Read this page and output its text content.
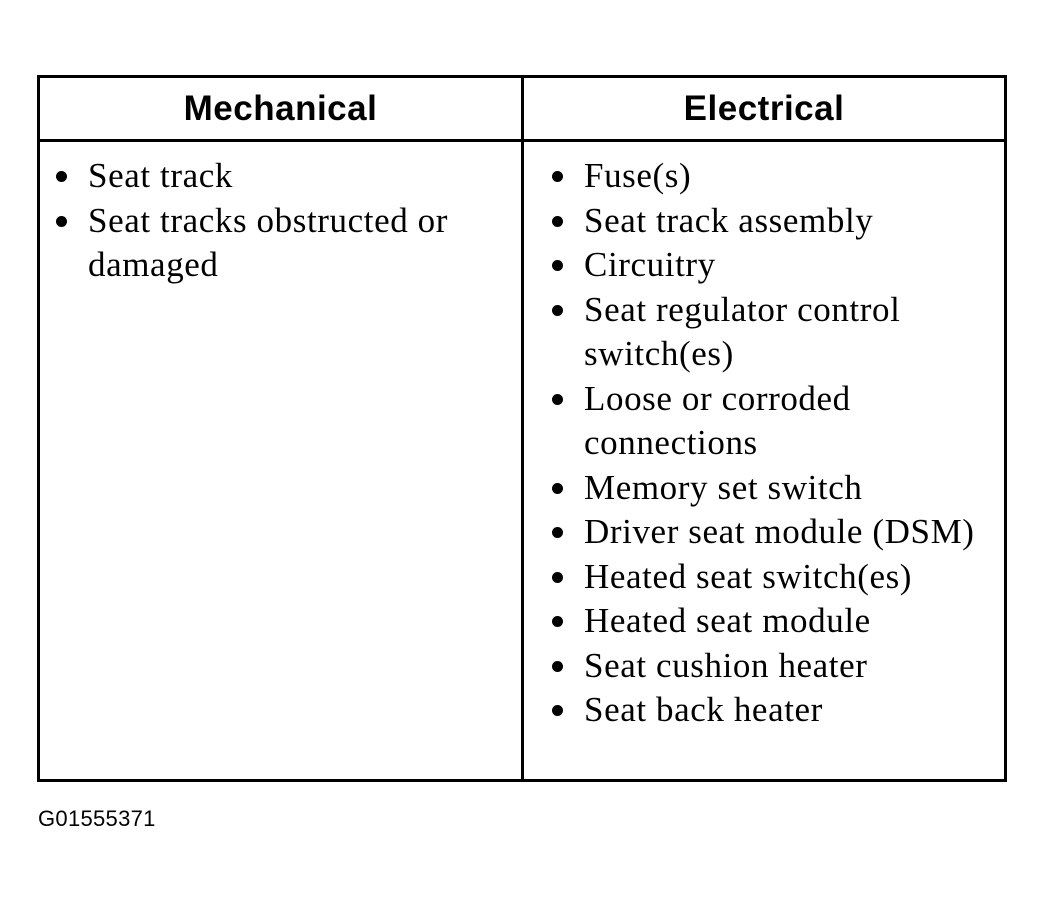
Mechanical	Electrical
Seat track
Seat tracks obstructed or damaged
Fuse(s)
Seat track assembly
Circuitry
Seat regulator control switch(es)
Loose or corroded connections
Memory set switch
Driver seat module (DSM)
Heated seat switch(es)
Heated seat module
Seat cushion heater
Seat back heater
G01555371
